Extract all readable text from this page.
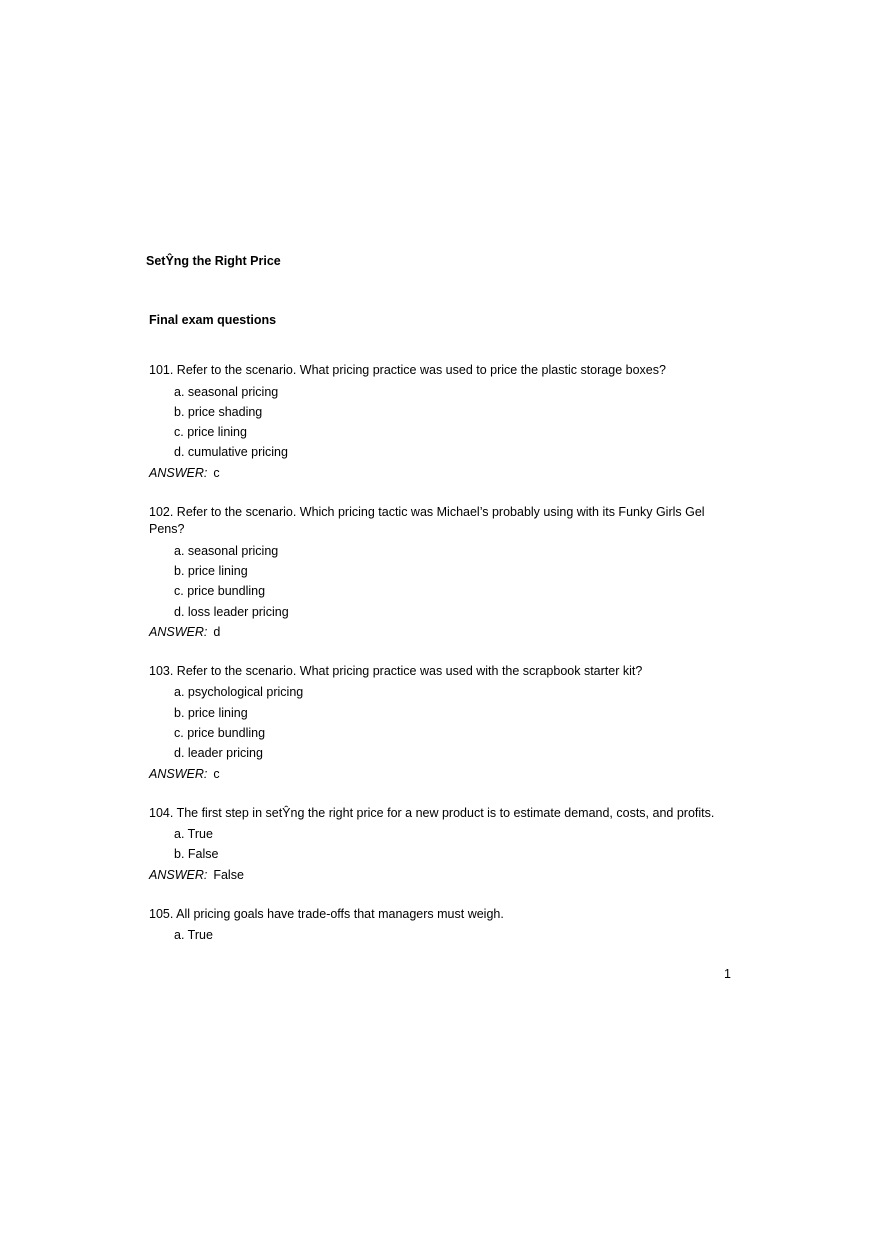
SetŶng the Right Price
Final exam questions

101. Refer to the scenario. What pricing practice was used to price the plastic storage boxes?

a. seasonal pricing
b. price shading
c. price lining
d. cumulative pricing

ANSWER: c

102. Refer to the scenario. Which pricing tactic was Michael’s probably using with its Funky Girls Gel Pens?

a. seasonal pricing
b. price lining
c. price bundling
d. loss leader pricing

ANSWER: d

103. Refer to the scenario. What pricing practice was used with the scrapbook starter kit?

a. psychological pricing
b. price lining
c. price bundling
d. leader pricing

ANSWER: c

104. The first step in setŶng the right price for a new product is to estimate demand, costs, and profits.

a. True
b. False

ANSWER: False

105. All pricing goals have trade-offs that managers must weigh.

a. True
1
